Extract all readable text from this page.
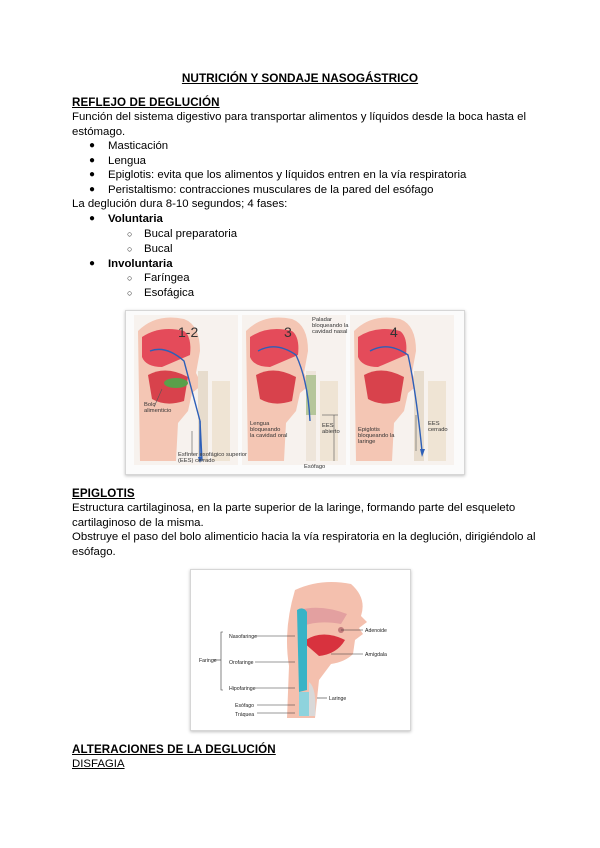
NUTRICIÓN Y SONDAJE NASOGÁSTRICO
REFLEJO DE DEGLUCIÓN
Función del sistema digestivo para transportar alimentos y líquidos desde la boca hasta el
estómago.
● Masticación
● Lengua
● Epiglotis: evita que los alimentos y líquidos entren en la vía respiratoria
● Peristaltismo: contracciones musculares de la pared del esófago
La deglución dura 8-10 segundos; 4 fases:
● Voluntaria
○ Bucal preparatoria
○ Bucal
● Involuntaria
○ Faríngea
○ Esofágica
1-2	3	4
Paladar
bloqueando la
cavidad nasal
Bolo
alimenticio
Lengua
bloqueando
la cavidad oral
EES
abierto	Epiglotis
bloqueando la
laringe
EES
cerrado
Esfínter esofágico superior
(EES) cerrado
Esófago
EPIGLOTIS
Estructura cartilaginosa, en la parte superior de la laringe, formando parte del esqueleto
cartilaginoso de la misma.
Obstruye el paso del bolo alimenticio hacia la vía respiratoria en la deglución, dirigiéndolo al
esófago.
Faringe
Nasofaringe
Orofaringe
Hipofaringe
Esófago
Tráquea
Adenoide
Amígdala
Laringe
ALTERACIONES DE LA DEGLUCIÓN
DISFAGIA
